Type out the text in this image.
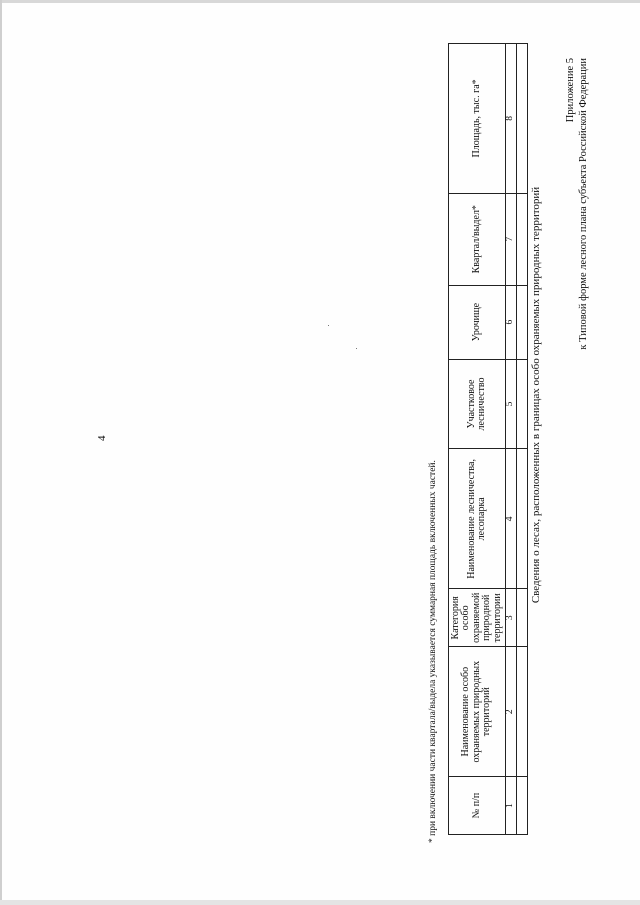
4
Приложение 5 к Типовой форме лесного плана субъекта Российской Федерации
Сведения о лесах, расположенных в границах особо охраняемых природных территорий
№ п/п	Наименование особо охраняемых природных территорий	Категория особо охраняемой природной территории	Наименование лесничества, лесопарка	Участковое лесничество	Урочище	Квартал/выдел*	Площадь, тыс. га*
1	2	3	4	5	6	7	8

* при включении части квартала/выдела указывается суммарная площадь включенных частей.
